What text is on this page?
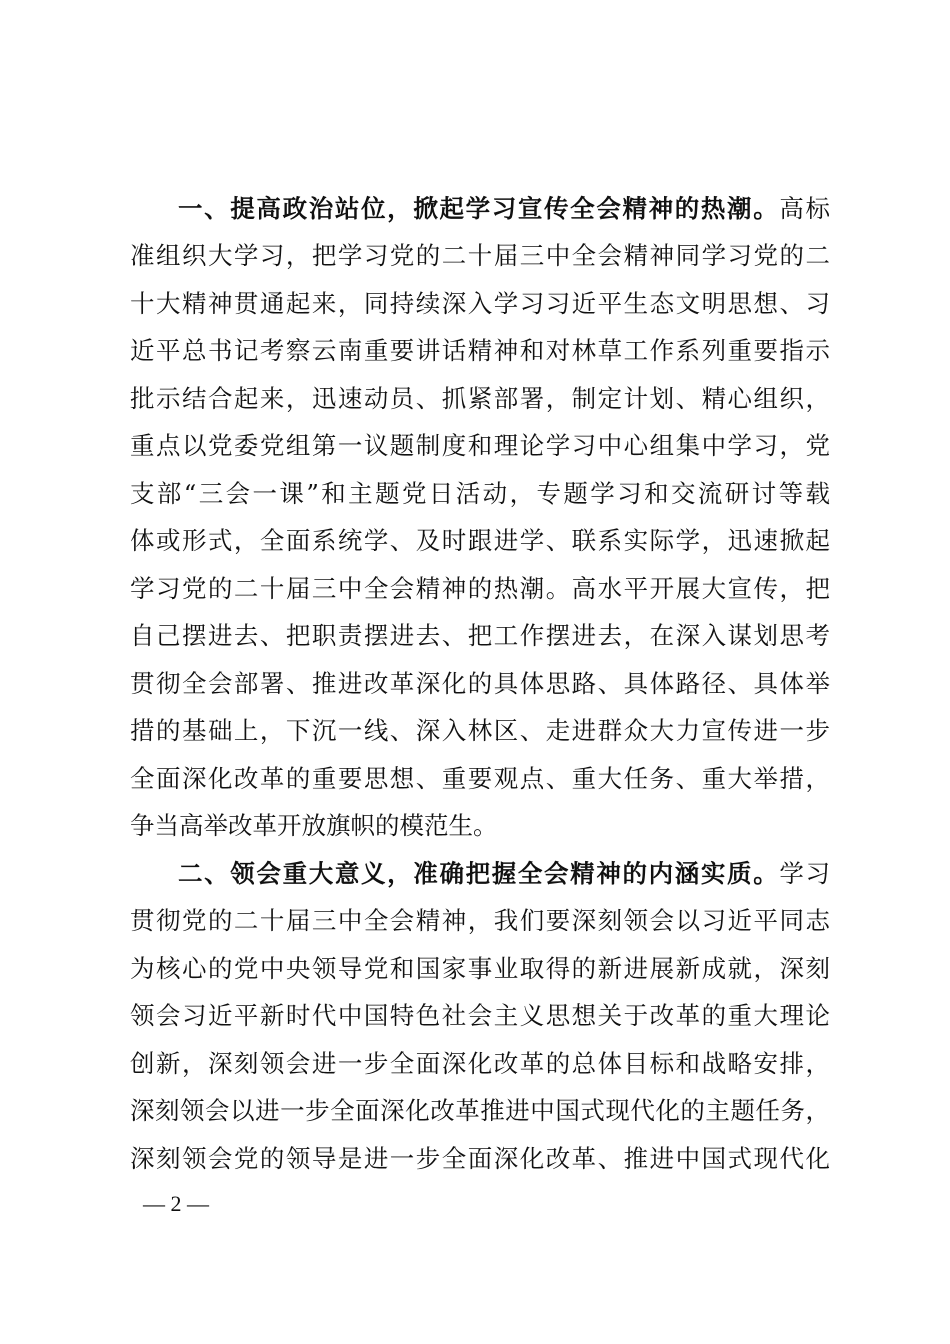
一、提高政治站位，掀起学习宣传全会精神的热潮。高标
准组织大学习，把学习党的二十届三中全会精神同学习党的二
十大精神贯通起来，同持续深入学习习近平生态文明思想、习
近平总书记考察云南重要讲话精神和对林草工作系列重要指示
批示结合起来，迅速动员、抓紧部署，制定计划、精心组织，
重点以党委党组第一议题制度和理论学习中心组集中学习，党
支部“三会一课”和主题党日活动，专题学习和交流研讨等载
体或形式，全面系统学、及时跟进学、联系实际学，迅速掀起
学习党的二十届三中全会精神的热潮。高水平开展大宣传，把
自己摆进去、把职责摆进去、把工作摆进去，在深入谋划思考
贯彻全会部署、推进改革深化的具体思路、具体路径、具体举
措的基础上，下沉一线、深入林区、走进群众大力宣传进一步
全面深化改革的重要思想、重要观点、重大任务、重大举措，
争当高举改革开放旗帜的模范生。
二、领会重大意义，准确把握全会精神的内涵实质。学习
贯彻党的二十届三中全会精神，我们要深刻领会以习近平同志
为核心的党中央领导党和国家事业取得的新进展新成就，深刻
领会习近平新时代中国特色社会主义思想关于改革的重大理论
创新，深刻领会进一步全面深化改革的总体目标和战略安排，
深刻领会以进一步全面深化改革推进中国式现代化的主题任务，
深刻领会党的领导是进一步全面深化改革、推进中国式现代化
— 2 —
